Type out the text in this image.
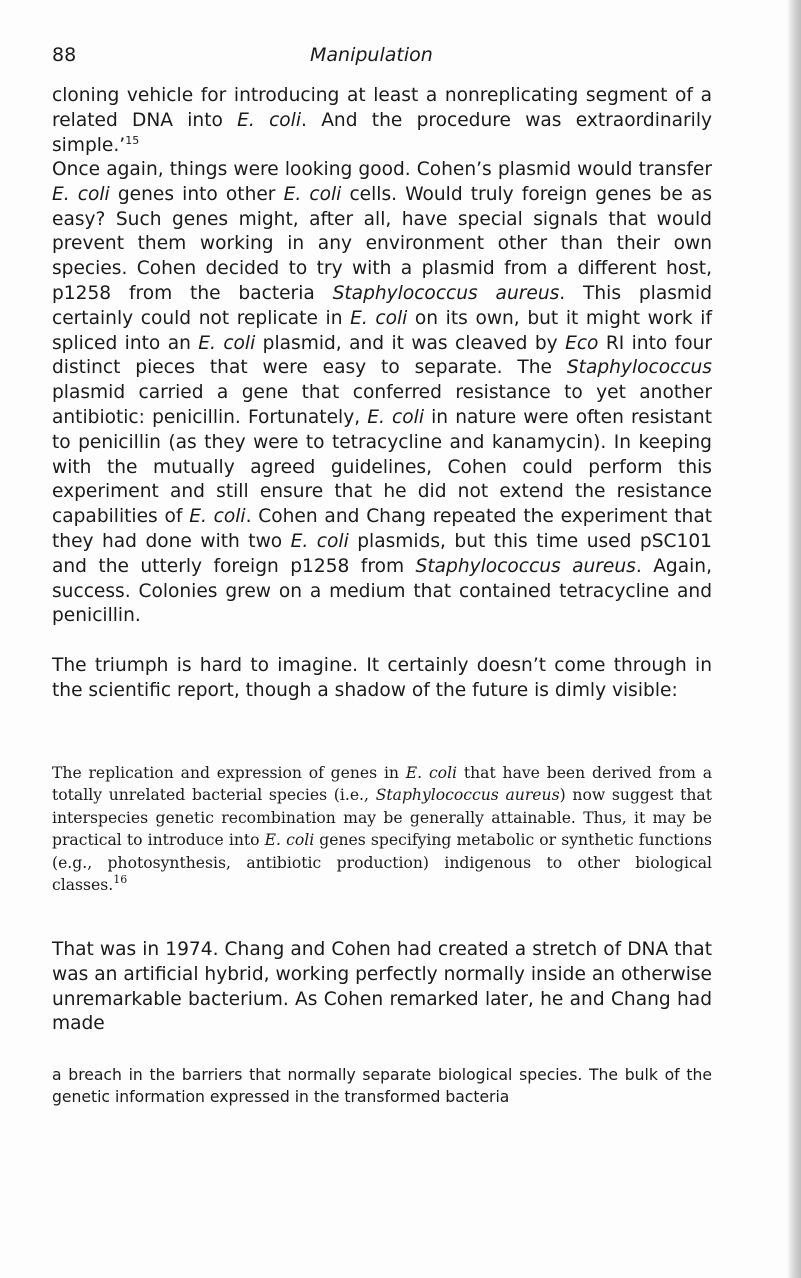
88	Manipulation

cloning vehicle for introducing at least a nonreplicating segment of a related DNA into E. coli. And the procedure was extraordinarily simple.’$^{15}$

Once again, things were looking good. Cohen’s plasmid would transfer E. coli genes into other E. coli cells. Would truly foreign genes be as easy? Such genes might, after all, have special signals that would prevent them working in any environment other than their own species. Cohen decided to try with a plasmid from a different host, p1258 from the bacteria Staphylococcus aureus. This plasmid certainly could not replicate in E. coli on its own, but it might work if spliced into an E. coli plasmid, and it was cleaved by Eco RI into four distinct pieces that were easy to separate. The Staphylococcus plasmid carried a gene that conferred resistance to yet another antibiotic: penicillin. Fortunately, E. coli in nature were often resistant to penicillin (as they were to tetracycline and kanamycin). In keeping with the mutually agreed guidelines, Cohen could perform this experiment and still ensure that he did not extend the resistance capabilities of E. coli. Cohen and Chang repeated the experiment that they had done with two E. coli plasmids, but this time used pSC101 and the utterly foreign p1258 from Staphylococcus aureus. Again, success. Colonies grew on a medium that contained tetracycline and penicillin.

The triumph is hard to imagine. It certainly doesn’t come through in the scientific report, though a shadow of the future is dimly visible:

The replication and expression of genes in E. coli that have been derived from a totally unrelated bacterial species (i.e., Staphylococcus aureus) now suggest that interspecies genetic recombination may be generally attainable. Thus, it may be practical to introduce into E. coli genes specifying metabolic or synthetic functions (e.g., photosynthesis, antibiotic production) indigenous to other biological classes.$^{16}$

That was in 1974. Chang and Cohen had created a stretch of DNA that was an artificial hybrid, working perfectly normally inside an otherwise unremarkable bacterium. As Cohen remarked later, he and Chang had made

a breach in the barriers that normally separate biological species. The bulk of the genetic information expressed in the transformed bacteria
